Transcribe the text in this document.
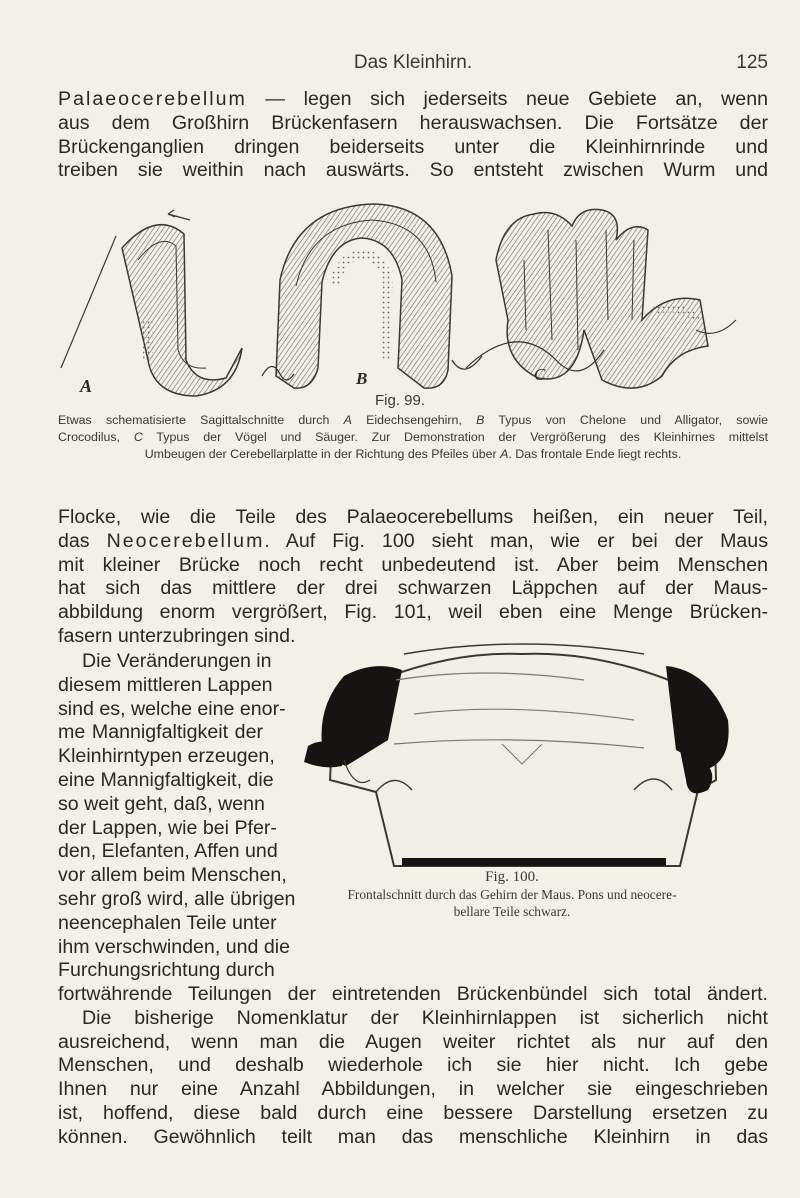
Das Kleinhirn.	125
Palaeocerebellum — legen sich jederseits neue Gebiete an, wenn
aus dem Großhirn Brückenfasern herauswachsen. Die Fortsätze der
Brückenganglien dringen beiderseits unter die Kleinhirnrinde und
treiben sie weithin nach auswärts. So entsteht zwischen Wurm und
A	B	C
Fig. 99.
Etwas schematisierte Sagittalschnitte durch A Eidechsengehirn, B Typus von Chelone und Alligator, sowie
Crocodilus, C Typus der Vögel und Säuger. Zur Demonstration der Vergrößerung des Kleinhirnes mittelst
Umbeugen der Cerebellarplatte in der Richtung des Pfeiles über A. Das frontale Ende liegt rechts.
Flocke, wie die Teile des Palaeocerebellums heißen, ein neuer Teil,
das Neocerebellum. Auf Fig. 100 sieht man, wie er bei der Maus
mit kleiner Brücke noch recht unbedeutend ist. Aber beim Menschen
hat sich das mittlere der drei schwarzen Läppchen auf der Maus-
abbildung enorm vergrößert, Fig. 101, weil eben eine Menge Brücken-
fasern unterzubringen sind.
Die Veränderungen in
diesem mittleren Lappen
sind es, welche eine enor-
me Mannigfaltigkeit der
Kleinhirntypen erzeugen,
eine Mannigfaltigkeit, die
so weit geht, daß, wenn
der Lappen, wie bei Pfer-
den, Elefanten, Affen und
vor allem beim Menschen,
sehr groß wird, alle übrigen
neencephalen Teile unter
ihm verschwinden, und die
Furchungsrichtung durch
Fig. 100.
Frontalschnitt durch das Gehirn der Maus. Pons und neocere-
bellare Teile schwarz.
fortwährende Teilungen der eintretenden Brückenbündel sich total ändert.
Die bisherige Nomenklatur der Kleinhirnlappen ist sicherlich nicht
ausreichend, wenn man die Augen weiter richtet als nur auf den
Menschen, und deshalb wiederhole ich sie hier nicht. Ich gebe
Ihnen nur eine Anzahl Abbildungen, in welcher sie eingeschrieben
ist, hoffend, diese bald durch eine bessere Darstellung ersetzen zu
können. Gewöhnlich teilt man das menschliche Kleinhirn in das
